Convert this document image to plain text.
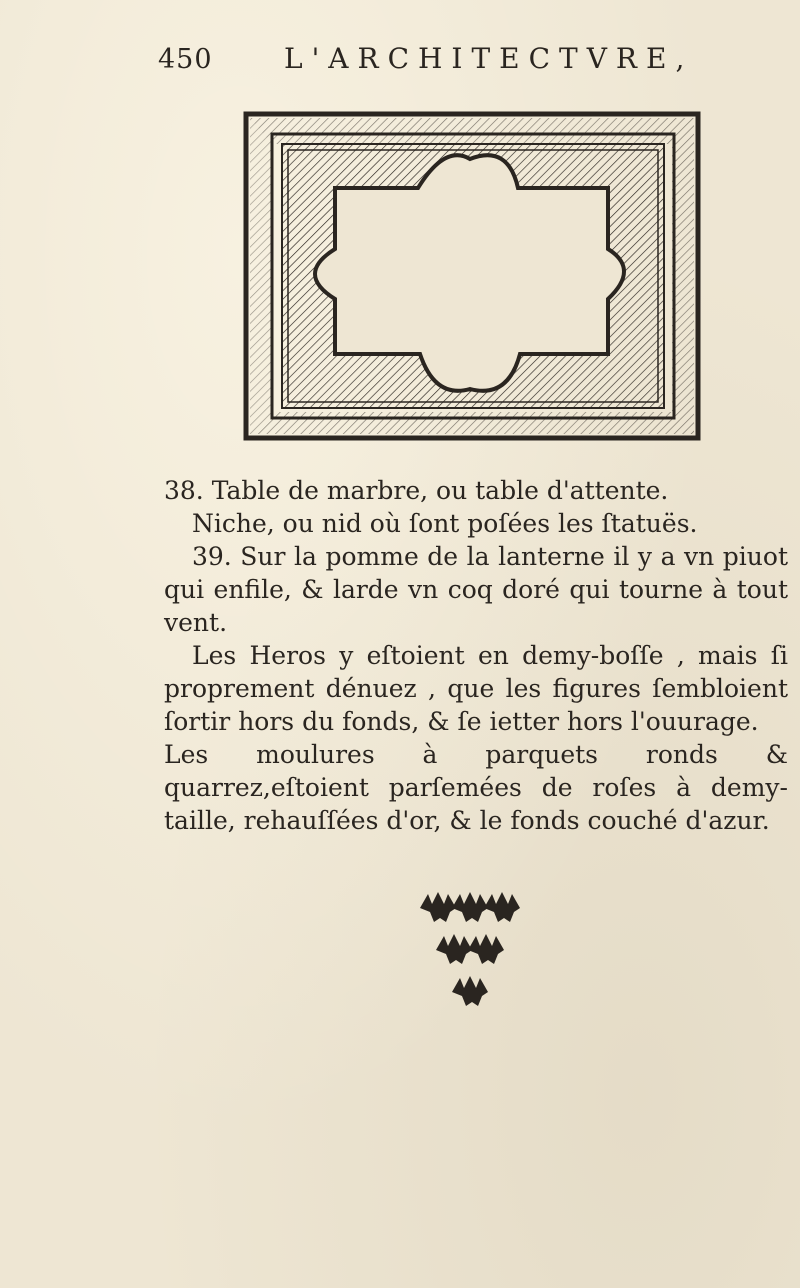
450	L'ARCHITECTVRE,

38. Table de marbre, ou table d'attente.

Niche, ou nid où ſont poſées les ſtatuës.

39. Sur la pomme de la lanterne il y a vn piuot qui enfile, & larde vn coq doré qui tourne à tout vent.

Les Heros y eſtoient en demy-boſſe , mais ſi proprement dénuez , que les figures ſembloient ſortir hors du fonds, & ſe ietter hors l'ouurage.

Les moulures à parquets ronds & quarrez,eſtoient parſemées de roſes à demy-taille, rehauſſées d'or, & le fonds couché d'azur.
